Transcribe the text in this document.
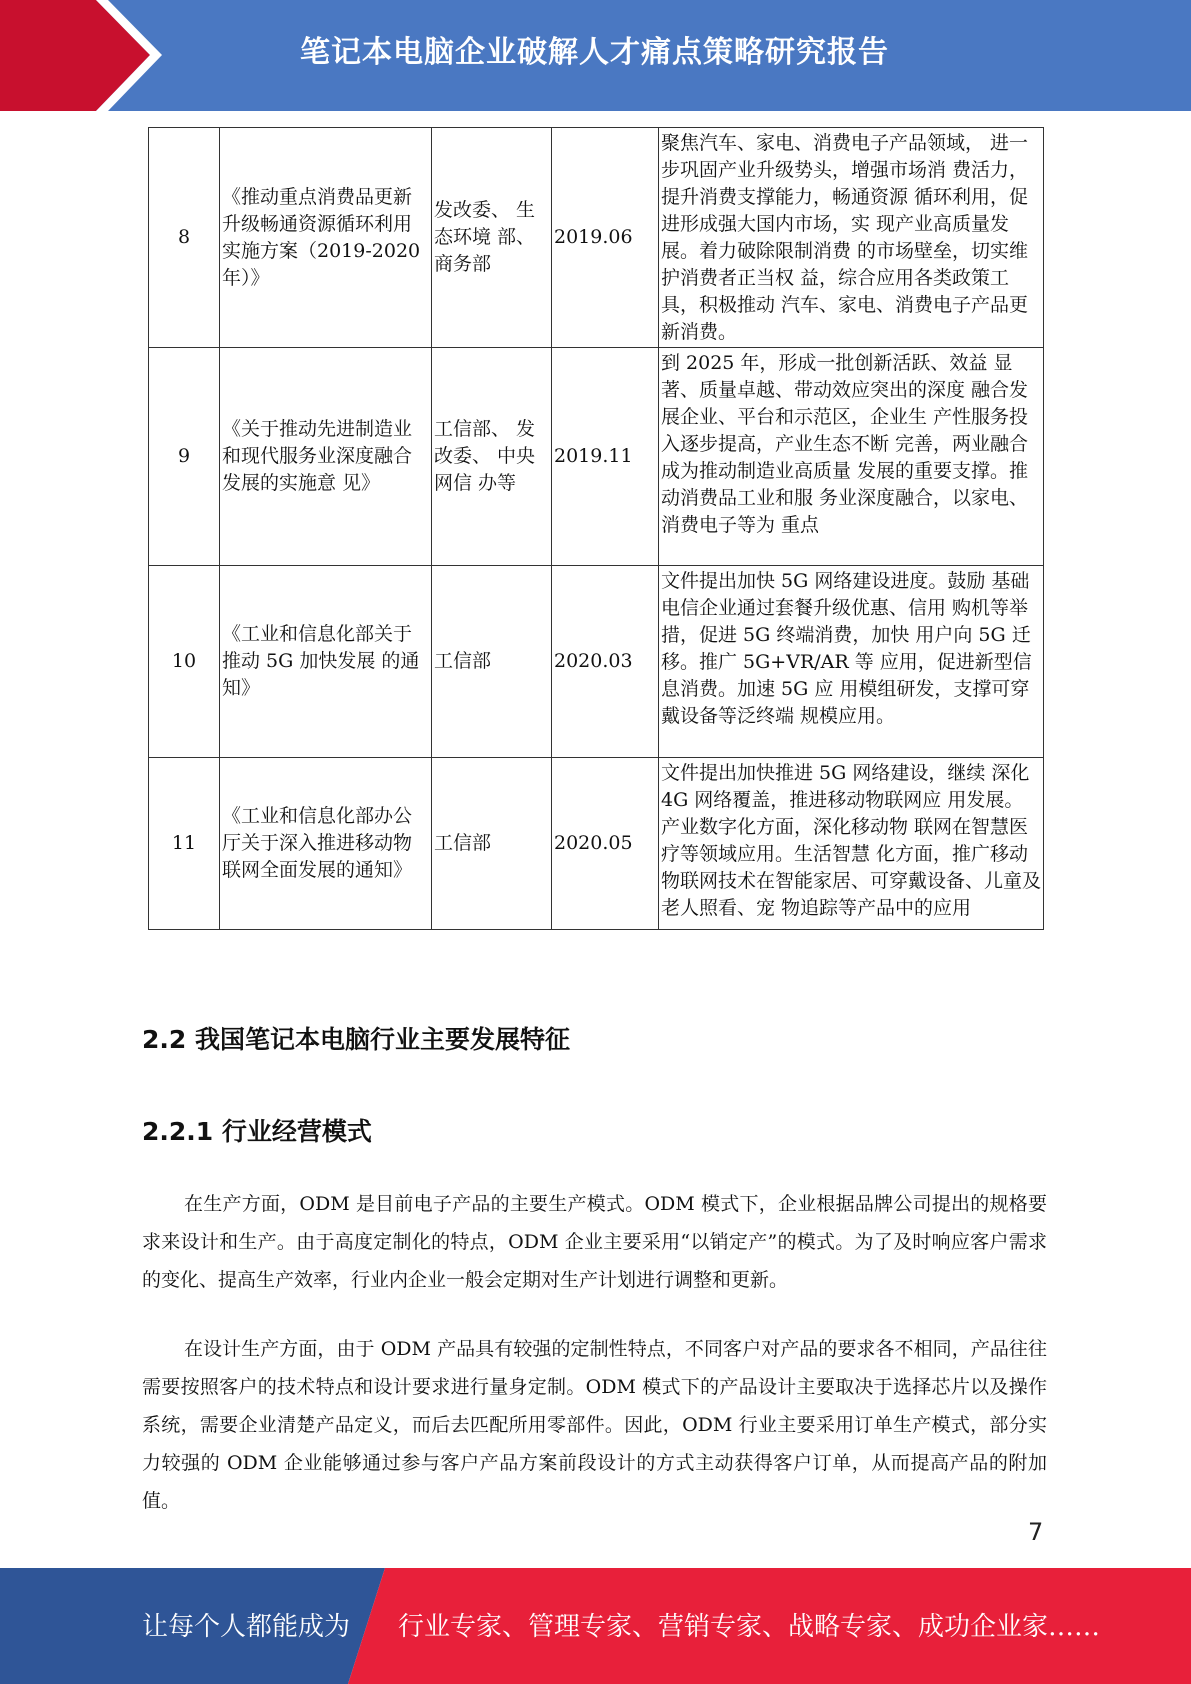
笔记本电脑企业破解人才痛点策略研究报告
8	《推动重点消费品更新升级畅通资源循环利用实施方案（2019-2020 年）》	发改委、 生态环境 部、商务部	2019.06	聚焦汽车、家电、消费电子产品领域， 进一步巩固产业升级势头，增强市场消 费活力，提升消费支撑能力，畅通资源 循环利用，促进形成强大国内市场，实 现产业高质量发展。着力破除限制消费 的市场壁垒，切实维护消费者正当权 益，综合应用各类政策工具，积极推动 汽车、家电、消费电子产品更新消费。
9	《关于推动先进制造业和现代服务业深度融合发展的实施意 见》	工信部、 发改委、 中央网信 办等	2019.11	到 2025 年，形成一批创新活跃、效益 显著、质量卓越、带动效应突出的深度 融合发展企业、平台和示范区，企业生 产性服务投入逐步提高，产业生态不断 完善，两业融合成为推动制造业高质量 发展的重要支撑。推动消费品工业和服 务业深度融合，以家电、消费电子等为 重点
10	《工业和信息化部关于推动 5G 加快发展 的通知》	工信部	2020.03	文件提出加快 5G 网络建设进度。鼓励 基础电信企业通过套餐升级优惠、信用 购机等举措，促进 5G 终端消费，加快 用户向 5G 迁移。推广 5G+VR/AR 等 应用，促进新型信息消费。加速 5G 应 用模组研发，支撑可穿戴设备等泛终端 规模应用。
11	《工业和信息化部办公厅关于深入推进移动物联网全面发展的通知》	工信部	2020.05	文件提出加快推进 5G 网络建设，继续 深化 4G 网络覆盖，推进移动物联网应 用发展。产业数字化方面，深化移动物 联网在智慧医疗等领域应用。生活智慧 化方面，推广移动物联网技术在智能家居、可穿戴设备、儿童及老人照看、宠 物追踪等产品中的应用
2.2 我国笔记本电脑行业主要发展特征
2.2.1 行业经营模式

在生产方面，ODM 是目前电子产品的主要生产模式。ODM 模式下，企业根据品牌公司提出的规格要求来设计和生产。由于高度定制化的特点，ODM 企业主要采用“以销定产”的模式。为了及时响应客户需求的变化、提高生产效率，行业内企业一般会定期对生产计划进行调整和更新。

在设计生产方面，由于 ODM 产品具有较强的定制性特点，不同客户对产品的要求各不相同，产品往往需要按照客户的技术特点和设计要求进行量身定制。ODM 模式下的产品设计主要取决于选择芯片以及操作系统，需要企业清楚产品定义，而后去匹配所用零部件。因此，ODM 行业主要采用订单生产模式，部分实力较强的 ODM 企业能够通过参与客户产品方案前段设计的方式主动获得客户订单，从而提高产品的附加值。

7
让每个人都能成为 行业专家、管理专家、营销专家、战略专家、成功企业家……
